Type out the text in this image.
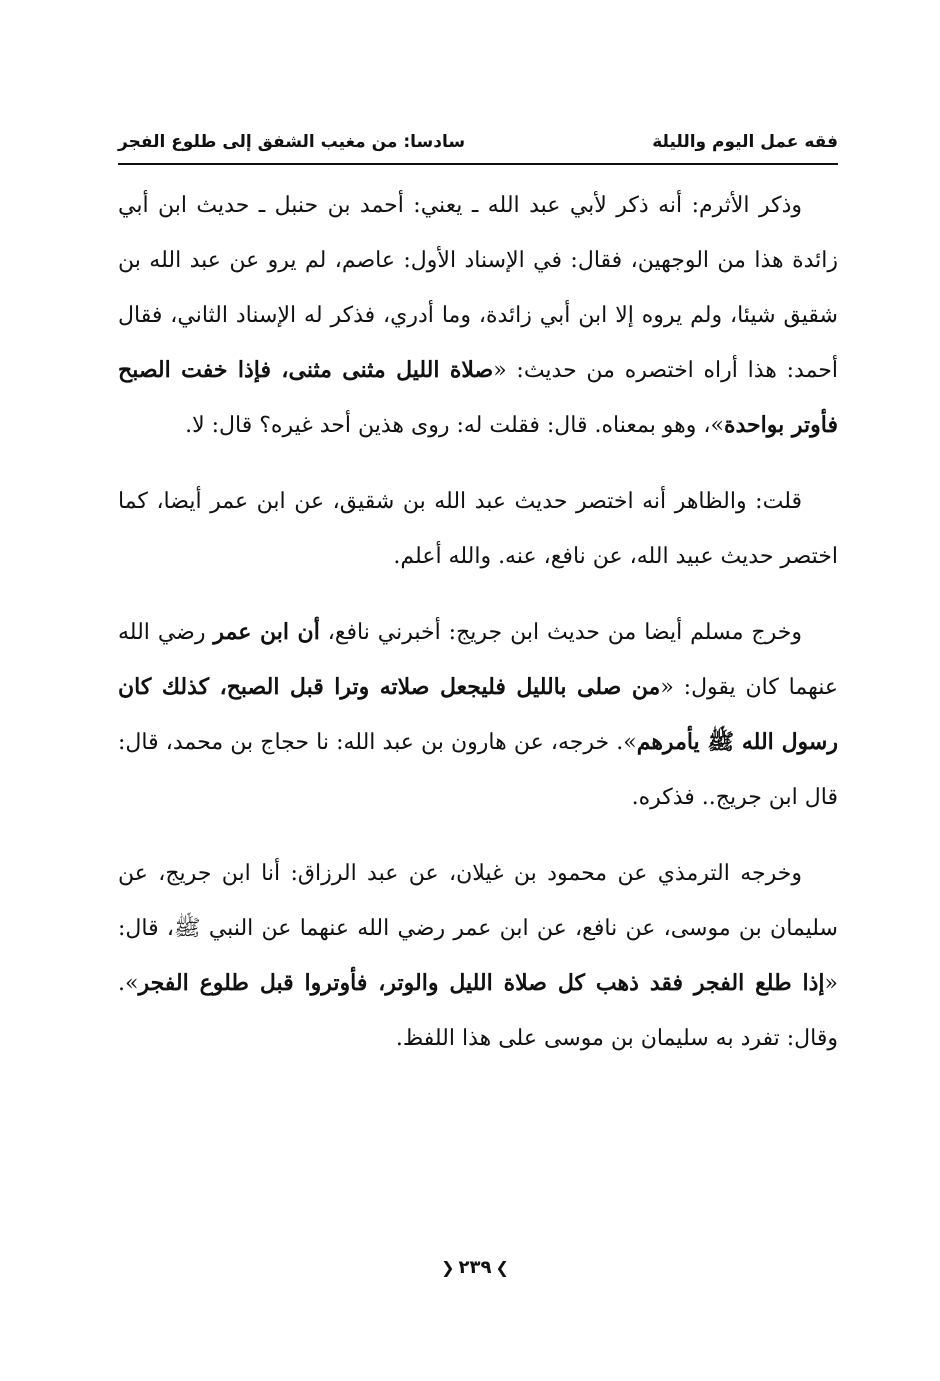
فقه عمل اليوم والليلة
سادسا: من مغيب الشفق إلى طلوع الفجر

وذكر الأثرم: أنه ذكر لأبي عبد الله ـ يعني: أحمد بن حنبل ـ حديث ابن أبي زائدة هذا من الوجهين، فقال: في الإسناد الأول: عاصم، لم يرو عن عبد الله بن شقيق شيئا، ولم يروه إلا ابن أبي زائدة، وما أدري، فذكر له الإسناد الثاني، فقال أحمد: هذا أراه اختصره من حديث: «صلاة الليل مثنى مثنى، فإذا خفت الصبح فأوتر بواحدة»، وهو بمعناه. قال: فقلت له: روى هذين أحد غيره؟ قال: لا.

قلت: والظاهر أنه اختصر حديث عبد الله بن شقيق، عن ابن عمر أيضا، كما اختصر حديث عبيد الله، عن نافع، عنه. والله أعلم.

وخرج مسلم أيضا من حديث ابن جريج: أخبرني نافع، أن ابن عمر رضي الله عنهما كان يقول: «من صلى بالليل فليجعل صلاته وترا قبل الصبح، كذلك كان رسول الله ﷺ يأمرهم». خرجه، عن هارون بن عبد الله: نا حجاج بن محمد، قال: قال ابن جريج.. فذكره.

وخرجه الترمذي عن محمود بن غيلان، عن عبد الرزاق: أنا ابن جريج، عن سليمان بن موسى، عن نافع، عن ابن عمر رضي الله عنهما عن النبي ﷺ، قال: «إذا طلع الفجر فقد ذهب كل صلاة الليل والوتر، فأوتروا قبل طلوع الفجر». وقال: تفرد به سليمان بن موسى على هذا اللفظ.

❯٢٣٩❮
